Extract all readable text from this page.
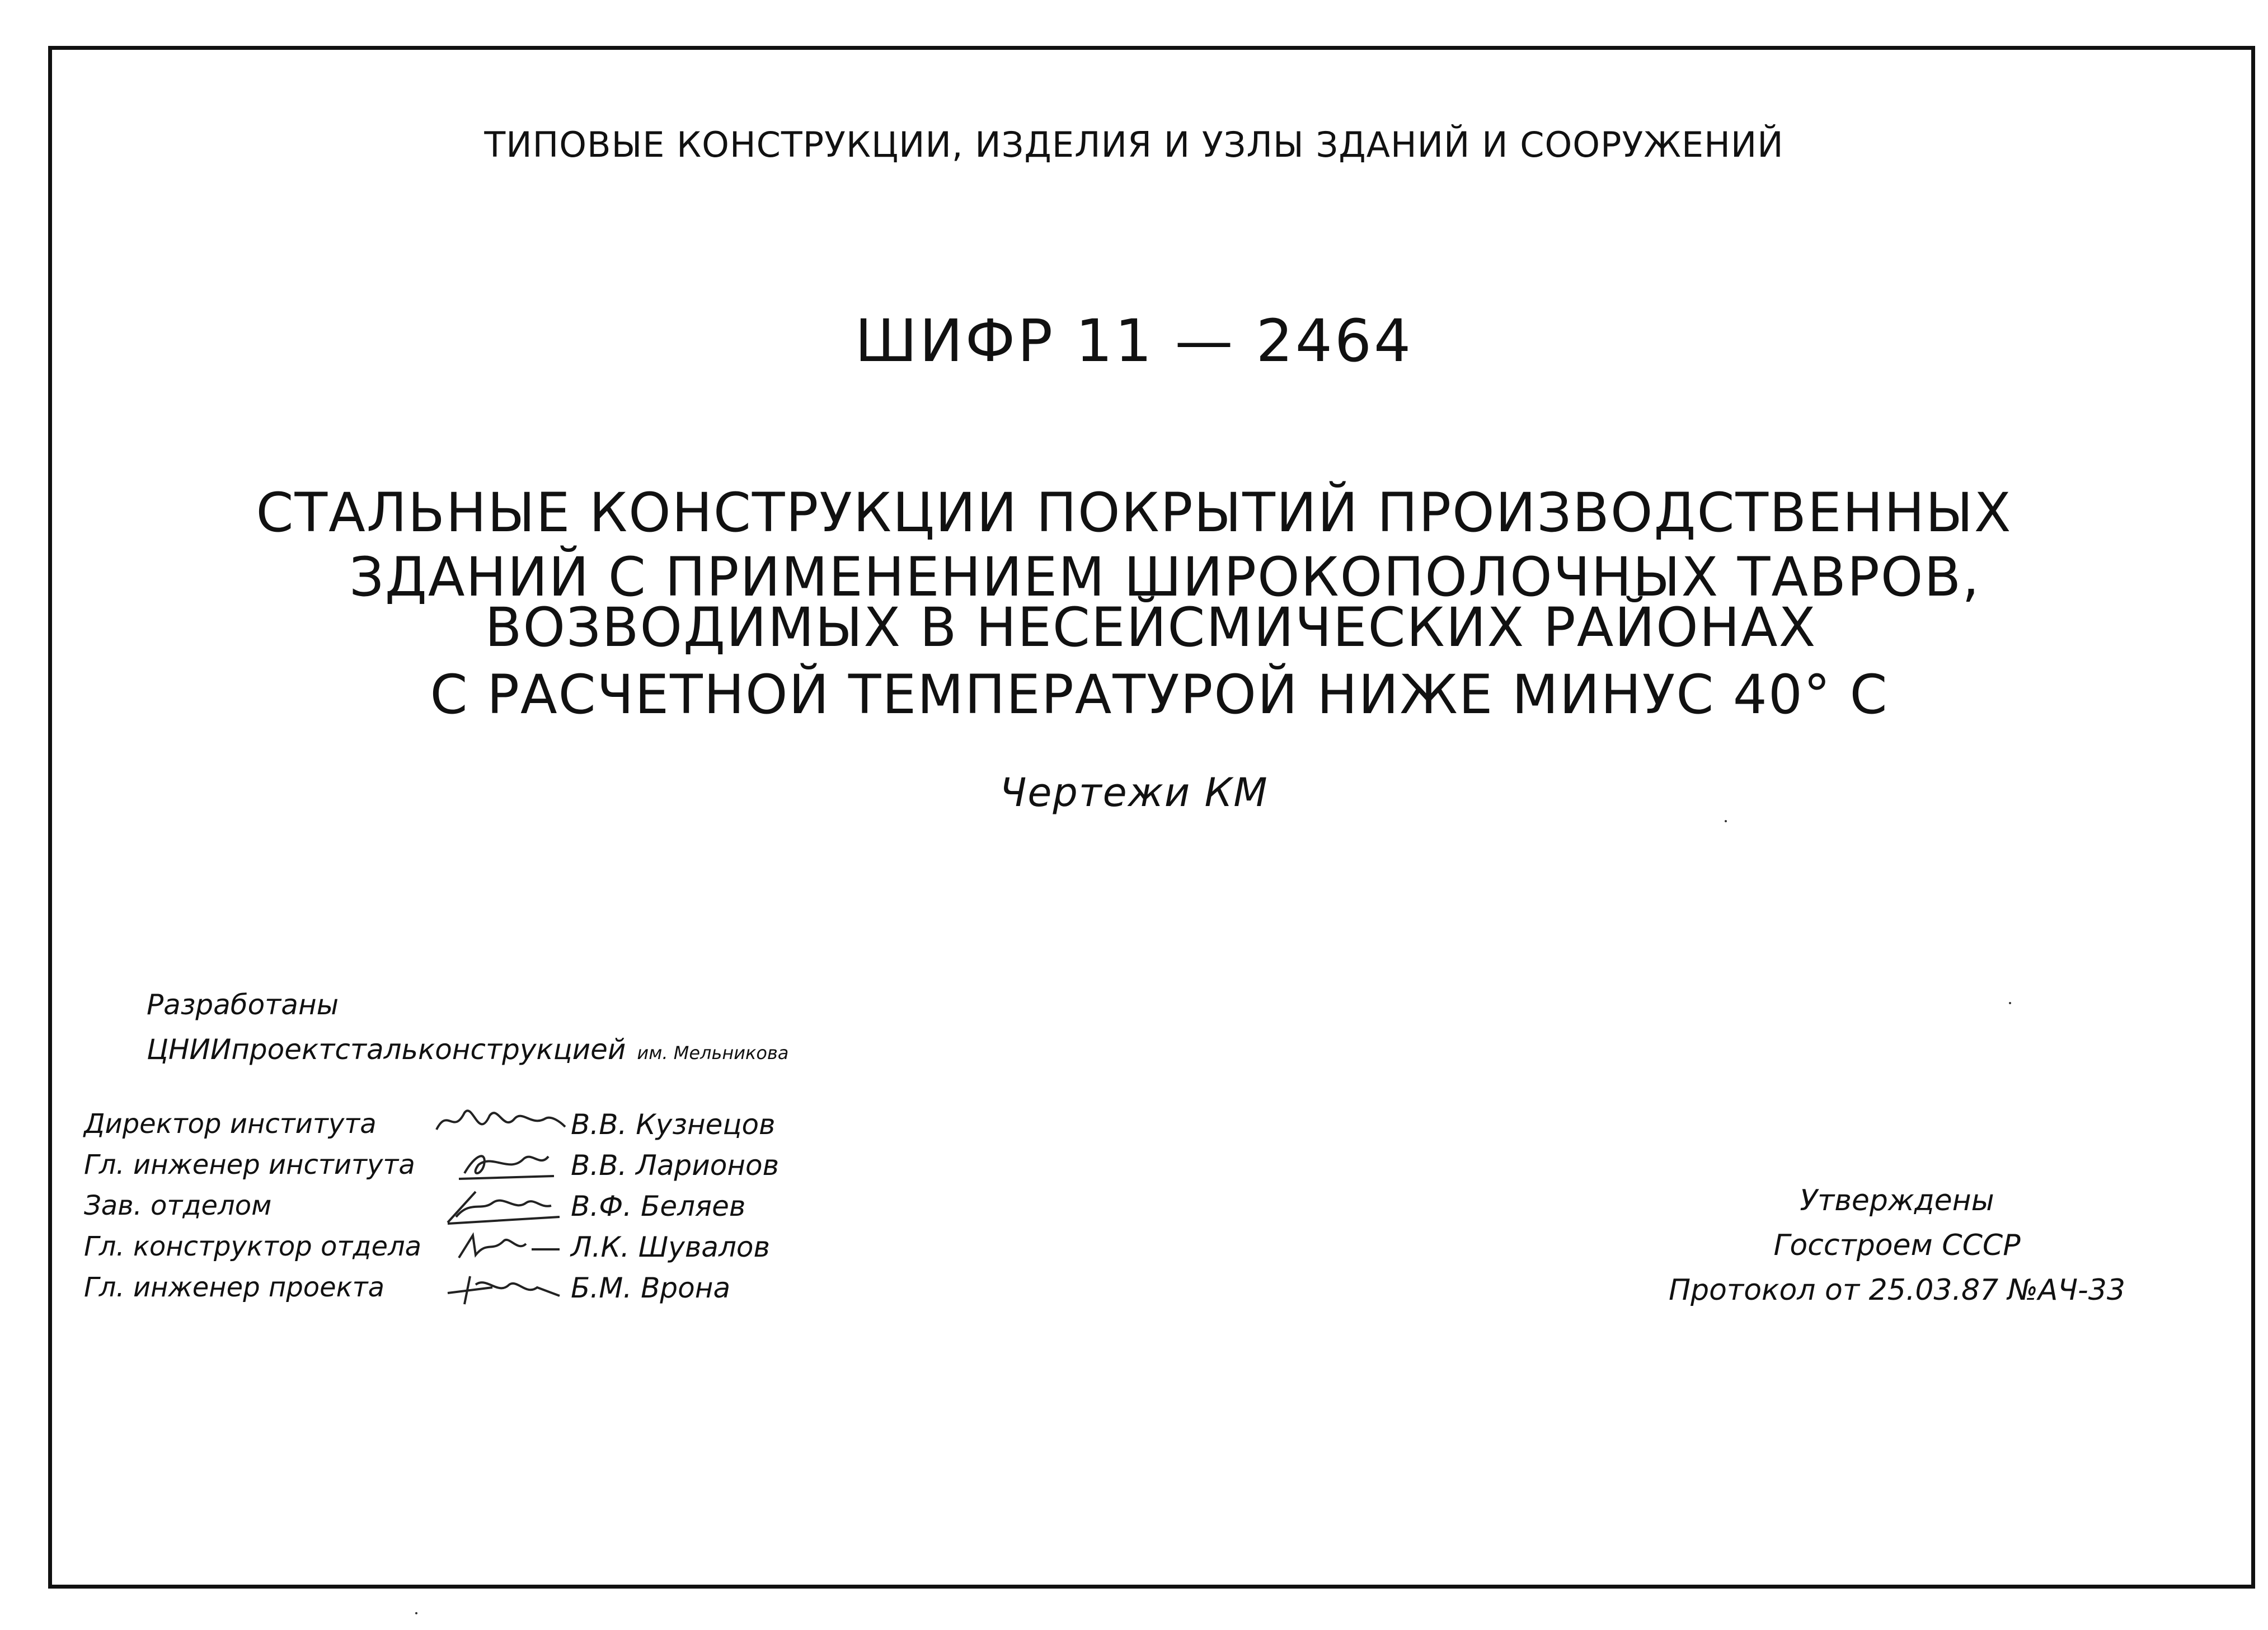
ТИПОВЫЕ КОНСТРУКЦИИ, ИЗДЕЛИЯ И УЗЛЫ ЗДАНИЙ И СООРУЖЕНИЙ
ШИФР 11 — 2464
СТАЛЬНЫЕ КОНСТРУКЦИИ ПОКРЫТИЙ ПРОИЗВОДСТВЕННЫХ
ЗДАНИЙ С ПРИМЕНЕНИЕМ ШИРОКОПОЛОЧНЫХ ТАВРОВ,
ВОЗВОДИМЫХ В НЕСЕЙСМИЧЕСКИХ РАЙОНАХ
С РАСЧЕТНОЙ ТЕМПЕРАТУРОЙ НИЖЕ МИНУС 40° С
Чертежи КМ
Разработаны
ЦНИИпроектстальконструкцией им. Мельникова
Директор института	В.В. Кузнецов
Гл. инженер института	В.В. Ларионов
Зав. отделом	В.Ф. Беляев
Гл. конструктор отдела	Л.К. Шувалов
Гл. инженер проекта	Б.М. Врона
Утверждены
Госстроем СССР
Протокол от 25.03.87 №АЧ-33
